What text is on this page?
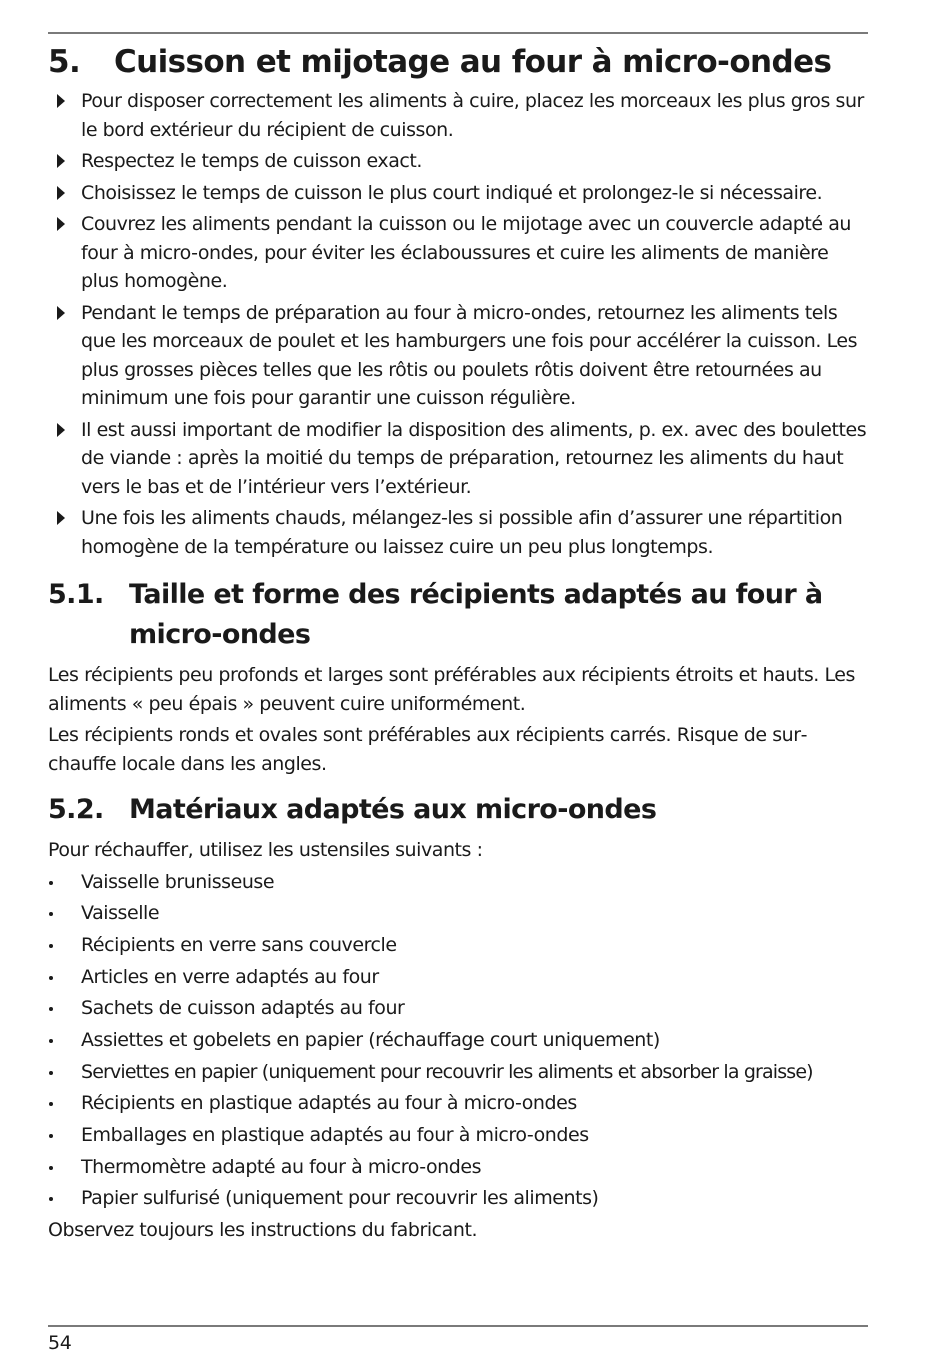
5.	Cuisson et mijotage au four à micro-ondes
Pour disposer correctement les aliments à cuire, placez les morceaux les plus gros sur le bord extérieur du récipient de cuisson.
Respectez le temps de cuisson exact.
Choisissez le temps de cuisson le plus court indiqué et prolongez-le si nécessaire.
Couvrez les aliments pendant la cuisson ou le mijotage avec un couvercle adapté au four à micro-ondes, pour éviter les éclaboussures et cuire les aliments de manière plus homogène.
Pendant le temps de préparation au four à micro-ondes, retournez les aliments tels que les morceaux de poulet et les hamburgers une fois pour accélérer la cuisson. Les plus grosses pièces telles que les rôtis ou poulets rôtis doivent être retournées au minimum une fois pour garantir une cuisson régulière.
Il est aussi important de modifier la disposition des aliments, p. ex. avec des boulettes de viande : après la moitié du temps de préparation, retournez les aliments du haut vers le bas et de l’intérieur vers l’extérieur.
Une fois les aliments chauds, mélangez-les si possible afin d’assurer une répartition homogène de la température ou laissez cuire un peu plus longtemps.
5.1. Taille et forme des récipients adaptés au four à micro-ondes

Les récipients peu profonds et larges sont préférables aux récipients étroits et hauts. Les aliments « peu épais » peuvent cuire uniformément.

Les récipients ronds et ovales sont préférables aux récipients carrés. Risque de surchauffe locale dans les angles.

5.2. Matériaux adaptés aux micro-ondes

Pour réchauffer, utilisez les ustensiles suivants :

Vaisselle brunisseuse
Vaisselle
Récipients en verre sans couvercle
Articles en verre adaptés au four
Sachets de cuisson adaptés au four
Assiettes et gobelets en papier (réchauffage court uniquement)
Serviettes en papier (uniquement pour recouvrir les aliments et absorber la graisse)
Récipients en plastique adaptés au four à micro-ondes
Emballages en plastique adaptés au four à micro-ondes
Thermomètre adapté au four à micro-ondes
Papier sulfurisé (uniquement pour recouvrir les aliments)

Observez toujours les instructions du fabricant.

54
